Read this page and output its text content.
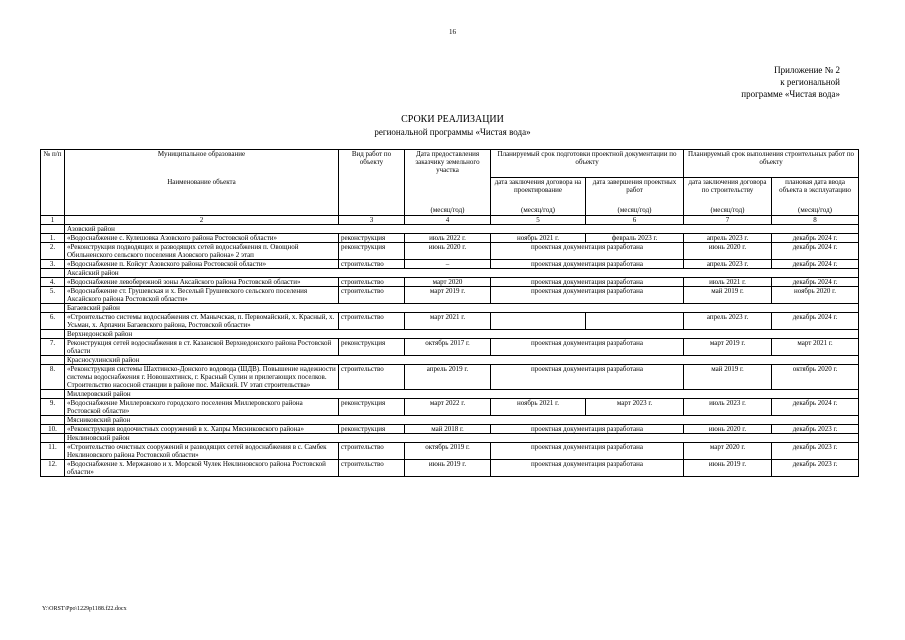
16
Приложение № 2
к региональной
программе «Чистая вода»
СРОКИ РЕАЛИЗАЦИИ
региональной программы «Чистая вода»
№ п/п	Муниципальное образование	Вид работ по объекту	Дата предоставления заказчику земельного участка	Планируемый срок подготовки проектной документации по объекту		Планируемый срок выполнения строительных работ по объекту	
	Наименование объекта			дата заключения договора на проектирование	дата завершения проектных работ	дата заключения договора по строительству	плановая дата ввода объекта в эксплуатацию
			(месяц/год)	(месяц/год)	(месяц/год)	(месяц/год)	(месяц/год)
1	2	3	4	5	6	7	8
	Азовский район						
1.	«Водоснабжение с. Кулешовка Азовского района Ростовской области»	реконструкция	июль 2022 г.	ноябрь 2021 г.	февраль 2023 г.	апрель 2023 г.	декабрь 2024 г.
2.	«Реконструкция подводящих и разводящих сетей водоснабжения п. Овощной Обильненского сельского поселения Азовского района» 2 этап	реконструкция	июнь 2020 г.	проектная документация разработана		июнь 2020 г.	декабрь 2024 г.
3.	«Водоснабжение п. Койсуг Азовского района Ростовской области»	строительство	–	проектная документация разработана		апрель 2023 г.	декабрь 2024 г.
	Аксайский район						
4.	«Водоснабжение левобережной зоны Аксайского района Ростовской области»	строительство	март 2020	проектная документация разработана		июль 2021 г.	декабрь 2024 г.
5.	«Водоснабжение ст. Грушевская и х. Веселый Грушевского сельского поселения Аксайского района Ростовской области»	строительство	март 2019 г.	проектная документация разработана		май 2019 г.	ноябрь 2020 г.
	Багаевский район						
6.	«Строительство системы водоснабжения ст. Манычская, п. Первомайский, х. Красный, х. Усьман, х. Арпачин Багаевского района, Ростовской области»	строительство	март 2021 г.			апрель 2023 г.	декабрь 2024 г.
	Верхнедонской район						
7.	Реконструкция сетей водоснабжения в ст. Казанской Верхнедонского района Ростовской области	реконструкция	октябрь 2017 г.	проектная документация разработана		март 2019 г.	март 2021 г.
	Красносулинский район						
8.	«Реконструкция системы Шахтинско-Донского водовода (ШДВ). Повышение надежности системы водоснабжения г. Новошахтинск, г. Красный Сулин и прилегающих поселков. Строительство насосной станции в районе пос. Майский. IV этап строительства»	строительство	апрель 2019 г.	проектная документация разработана		май 2019 г.	октябрь 2020 г.
	Миллеровский район						
9.	«Водоснабжение Миллеровского городского поселения Миллеровского района Ростовской области»	реконструкция	март 2022 г.	ноябрь 2021 г.	март 2023 г.	июль 2023 г.	декабрь 2024 г.
	Мясниковский район						
10.	«Реконструкция водоочистных сооружений в х. Хапры Мясниковского района»	реконструкция	май 2018 г.	проектная документация разработана		июнь 2020 г.	декабрь 2023 г.
	Неклиновский район						
11.	«Строительство очистных сооружений и разводящих сетей водоснабжения в с. Самбек Неклиновского района Ростовской области»	строительство	октябрь 2019 г.	проектная документация разработана		март 2020 г.	декабрь 2023 г.
12.	«Водоснабжение х. Мержаново и х. Морской Чулек Неклиновского района Ростовской области»	строительство	июнь 2019 г.	проектная документация разработана		июнь 2019 г.	декабрь 2023 г.
Y:\ORST\Ppo\1229p1188.f22.docx
